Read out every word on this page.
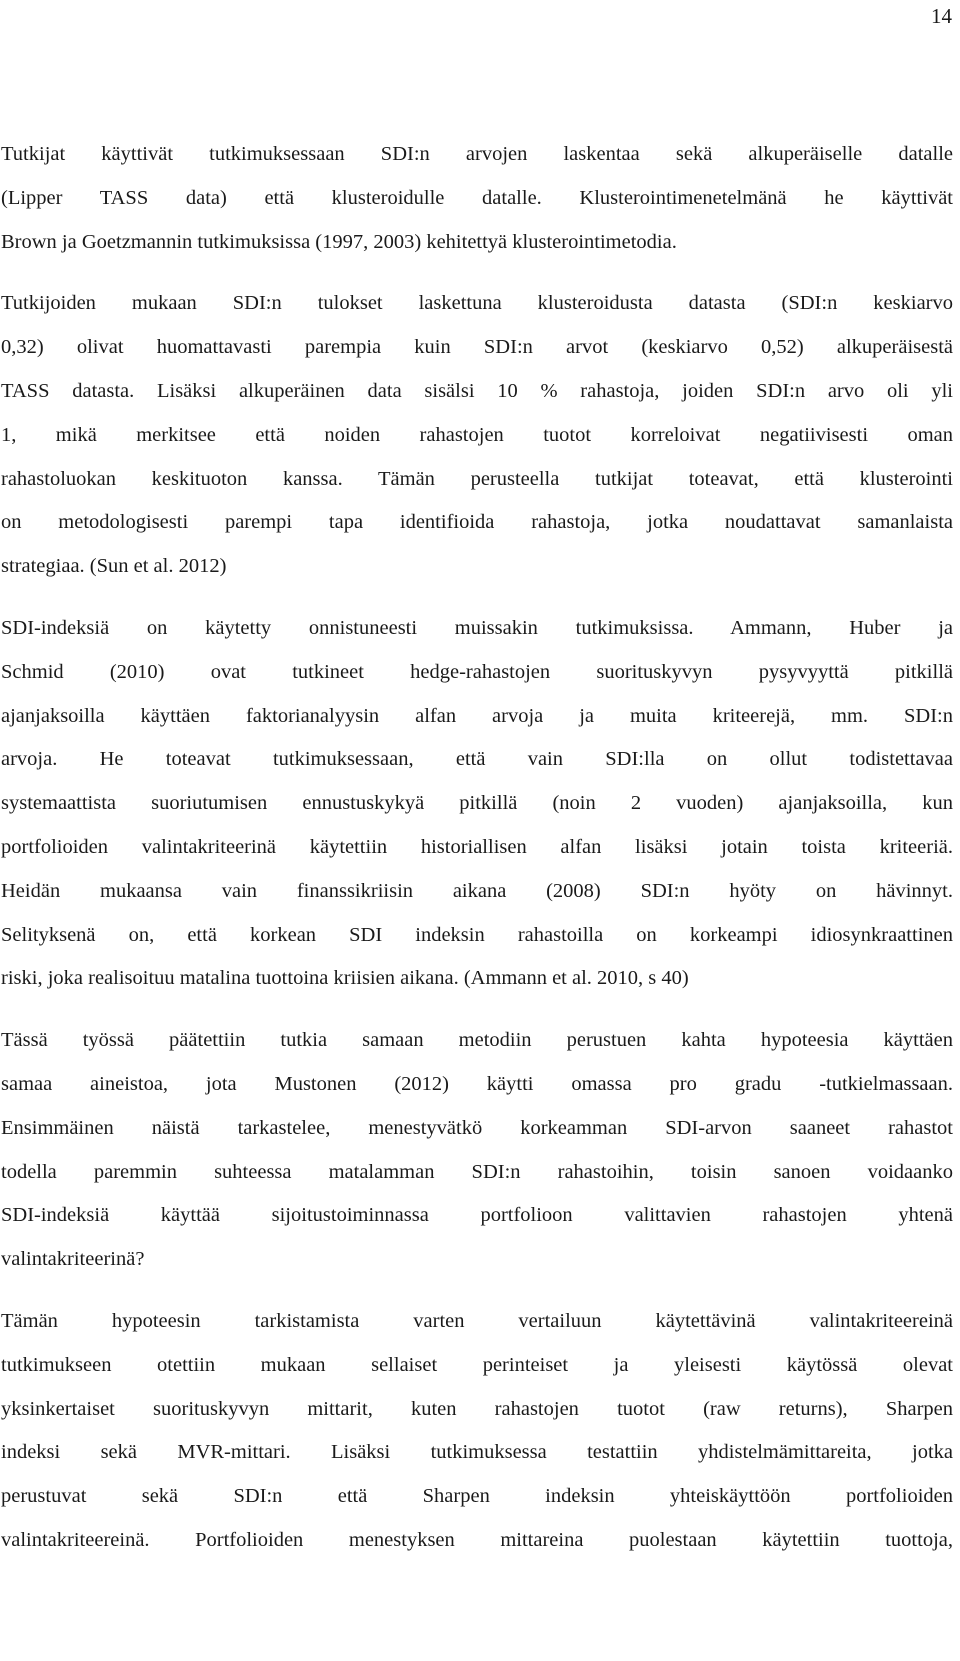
14

Tutkijat käyttivät tutkimuksessaan SDI:n arvojen laskentaa sekä alkuperäiselle datalle
(Lipper TASS data) että klusteroidulle datalle. Klusterointimenetelmänä he käyttivät
Brown ja Goetzmannin tutkimuksissa (1997, 2003) kehitettyä klusterointimetodia.

Tutkijoiden mukaan SDI:n tulokset laskettuna klusteroidusta datasta (SDI:n keskiarvo
0,32) olivat huomattavasti parempia kuin SDI:n arvot (keskiarvo 0,52) alkuperäisestä
TASS datasta. Lisäksi alkuperäinen data sisälsi 10 % rahastoja, joiden SDI:n arvo oli yli
1, mikä merkitsee että noiden rahastojen tuotot korreloivat negatiivisesti oman
rahastoluokan keskituoton kanssa. Tämän perusteella tutkijat toteavat, että klusterointi
on metodologisesti parempi tapa identifioida rahastoja, jotka noudattavat samanlaista
strategiaa. (Sun et al. 2012)

SDI-indeksiä on käytetty onnistuneesti muissakin tutkimuksissa. Ammann, Huber ja
Schmid (2010) ovat tutkineet hedge-rahastojen suorituskyvyn pysyvyyttä pitkillä
ajanjaksoilla käyttäen faktorianalyysin alfan arvoja ja muita kriteerejä, mm. SDI:n
arvoja. He toteavat tutkimuksessaan, että vain SDI:lla on ollut todistettavaa
systemaattista suoriutumisen ennustuskykyä pitkillä (noin 2 vuoden) ajanjaksoilla, kun
portfolioiden valintakriteerinä käytettiin historiallisen alfan lisäksi jotain toista kriteeriä.
Heidän mukaansa vain finanssikriisin aikana (2008) SDI:n hyöty on hävinnyt.
Selityksenä on, että korkean SDI indeksin rahastoilla on korkeampi idiosynkraattinen
riski, joka realisoituu matalina tuottoina kriisien aikana. (Ammann et al. 2010, s 40)

Tässä työssä päätettiin tutkia samaan metodiin perustuen kahta hypoteesia käyttäen
samaa aineistoa, jota Mustonen (2012) käytti omassa pro gradu -tutkielmassaan.
Ensimmäinen näistä tarkastelee, menestyvätkö korkeamman SDI-arvon saaneet rahastot
todella paremmin suhteessa matalamman SDI:n rahastoihin, toisin sanoen voidaanko
SDI-indeksiä käyttää sijoitustoiminnassa portfolioon valittavien rahastojen yhtenä
valintakriteerinä?

Tämän hypoteesin tarkistamista varten vertailuun käytettävinä valintakriteereinä
tutkimukseen otettiin mukaan sellaiset perinteiset ja yleisesti käytössä olevat
yksinkertaiset suorituskyvyn mittarit, kuten rahastojen tuotot (raw returns), Sharpen
indeksi sekä MVR-mittari. Lisäksi tutkimuksessa testattiin yhdistelmämittareita, jotka
perustuvat sekä SDI:n että Sharpen indeksin yhteiskäyttöön portfolioiden
valintakriteereinä. Portfolioiden menestyksen mittareina puolestaan käytettiin tuottoja,
